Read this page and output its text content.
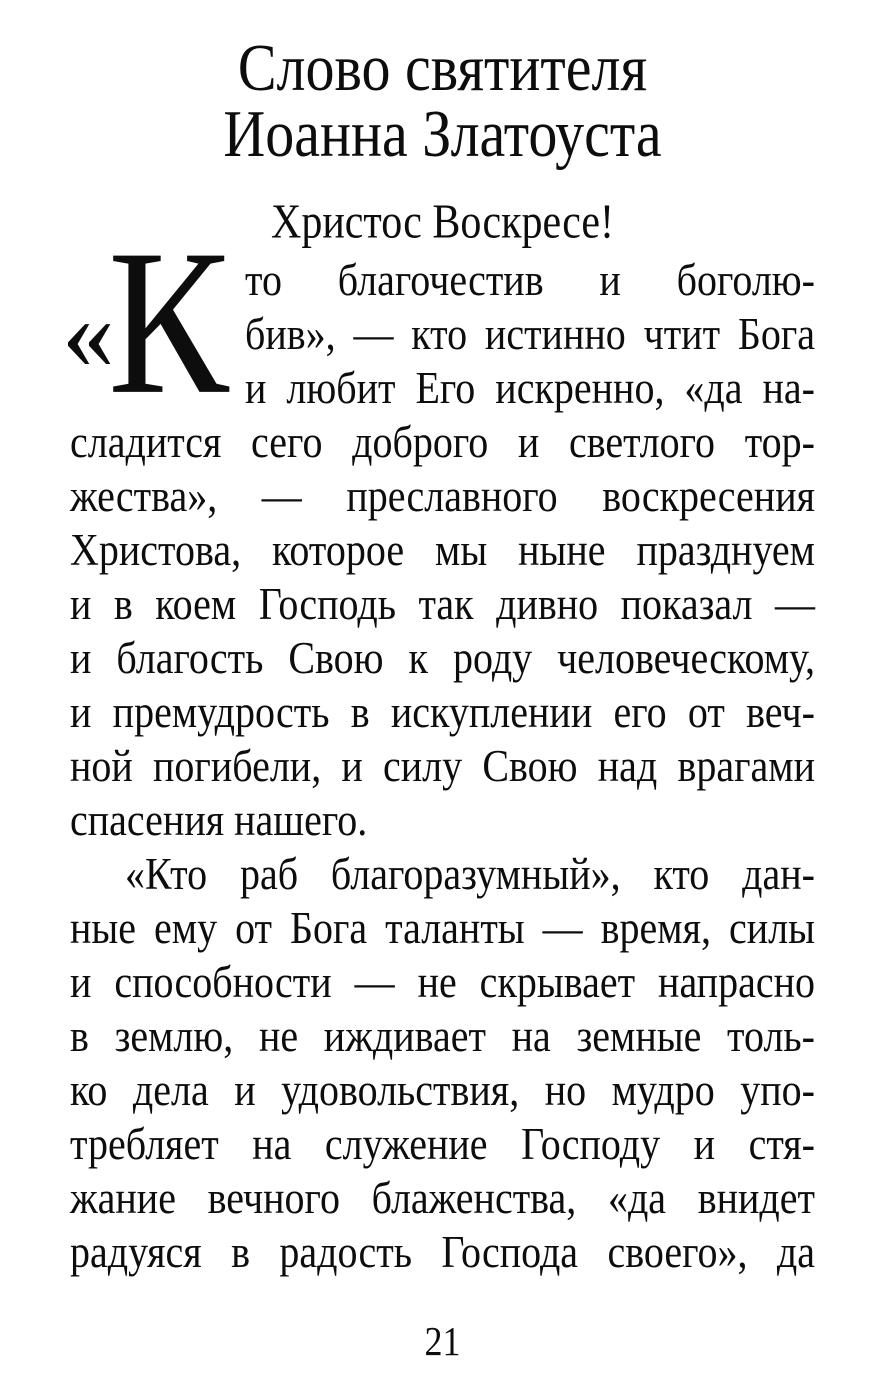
Слово святителя
Иоанна Златоуста
Христос Воскресе!
«
К то благочестив и боголю-
бив», — кто истинно чтит Бога
и любит Его искренно, «да на-
сладится сего доброго и светлого тор-
жества», — преславного воскресения
Христова, которое мы ныне празднуем
и в коем Господь так дивно показал —
и благость Свою к роду человеческому,
и премудрость в искуплении его от веч-
ной погибели, и силу Свою над врагами
спасения нашего.
«Кто раб благоразумный», кто дан-
ные ему от Бога таланты — время, силы
и способности — не скрывает напрасно
в землю, не иждивает на земные толь-
ко дела и удовольствия, но мудро упо-
требляет на служение Господу и стя-
жание вечного блаженства, «да внидет
радуяся в радость Господа своего», да
21
